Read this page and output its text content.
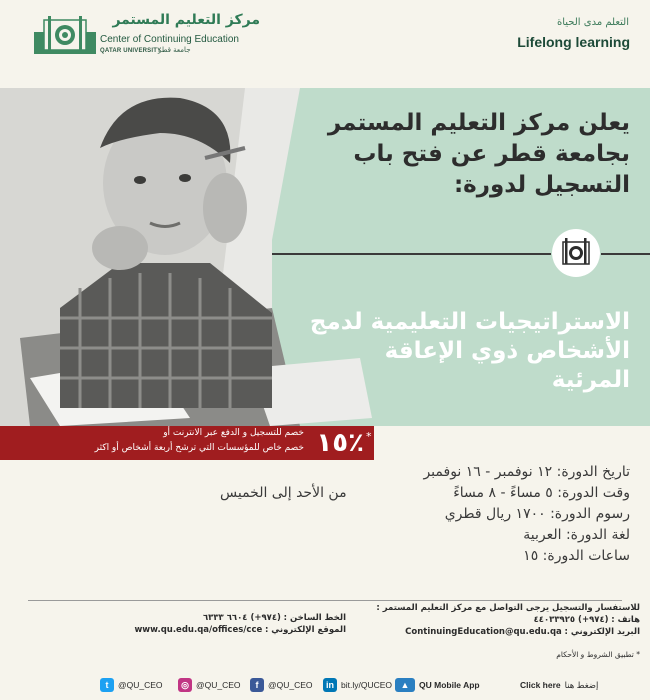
مركز التعليم المستمر
Center of Continuing Education
QATAR UNIVERSITY
جامعة قطر
التعلم مدى الحياة
Lifelong learning
يعلن مركز التعليم المستمر بجامعة قطر عن فتح باب التسجيل لدورة:
الاستراتيجيات التعليمية لدمج الأشخاص ذوي الإعاقة المرئية
*
١٥٪
خصم للتسجيل و الدفع عبر الانترنت أو
خصم خاص للمؤسسات التي ترشح أربعة أشخاص أو اكثر
تاريخ الدورة: ١٢ نوفمبر - ١٦ نوفمبر
وقت الدورة: ٥ مساءً - ٨ مساءً
من الأحد إلى الخميس
رسوم الدورة: ١٧٠٠ ريال قطري
لغة الدورة: العربية
ساعات الدورة: ١٥
للاستفسار والتسجيل يرجى التواصل مع مركز التعليم المستمر :
هاتف : (٩٧٤+) ٤٤٠٣٣٩٢٥
البريد الإلكتروني : ContinuingEducation@qu.edu.qa
الخط الساخن : (٩٧٤+) ٦٦٠٤ ٦٣٣٣
الموقع الإلكتروني : www.qu.edu.qa/offices/cce
* تطبيق الشروط و الأحكام
t	@QU_CEO	◎ @QU_CEO	f	@QU_CEO	in bit.ly/QUCEO ▲	QU Mobile App	Click here إضغط هنا
